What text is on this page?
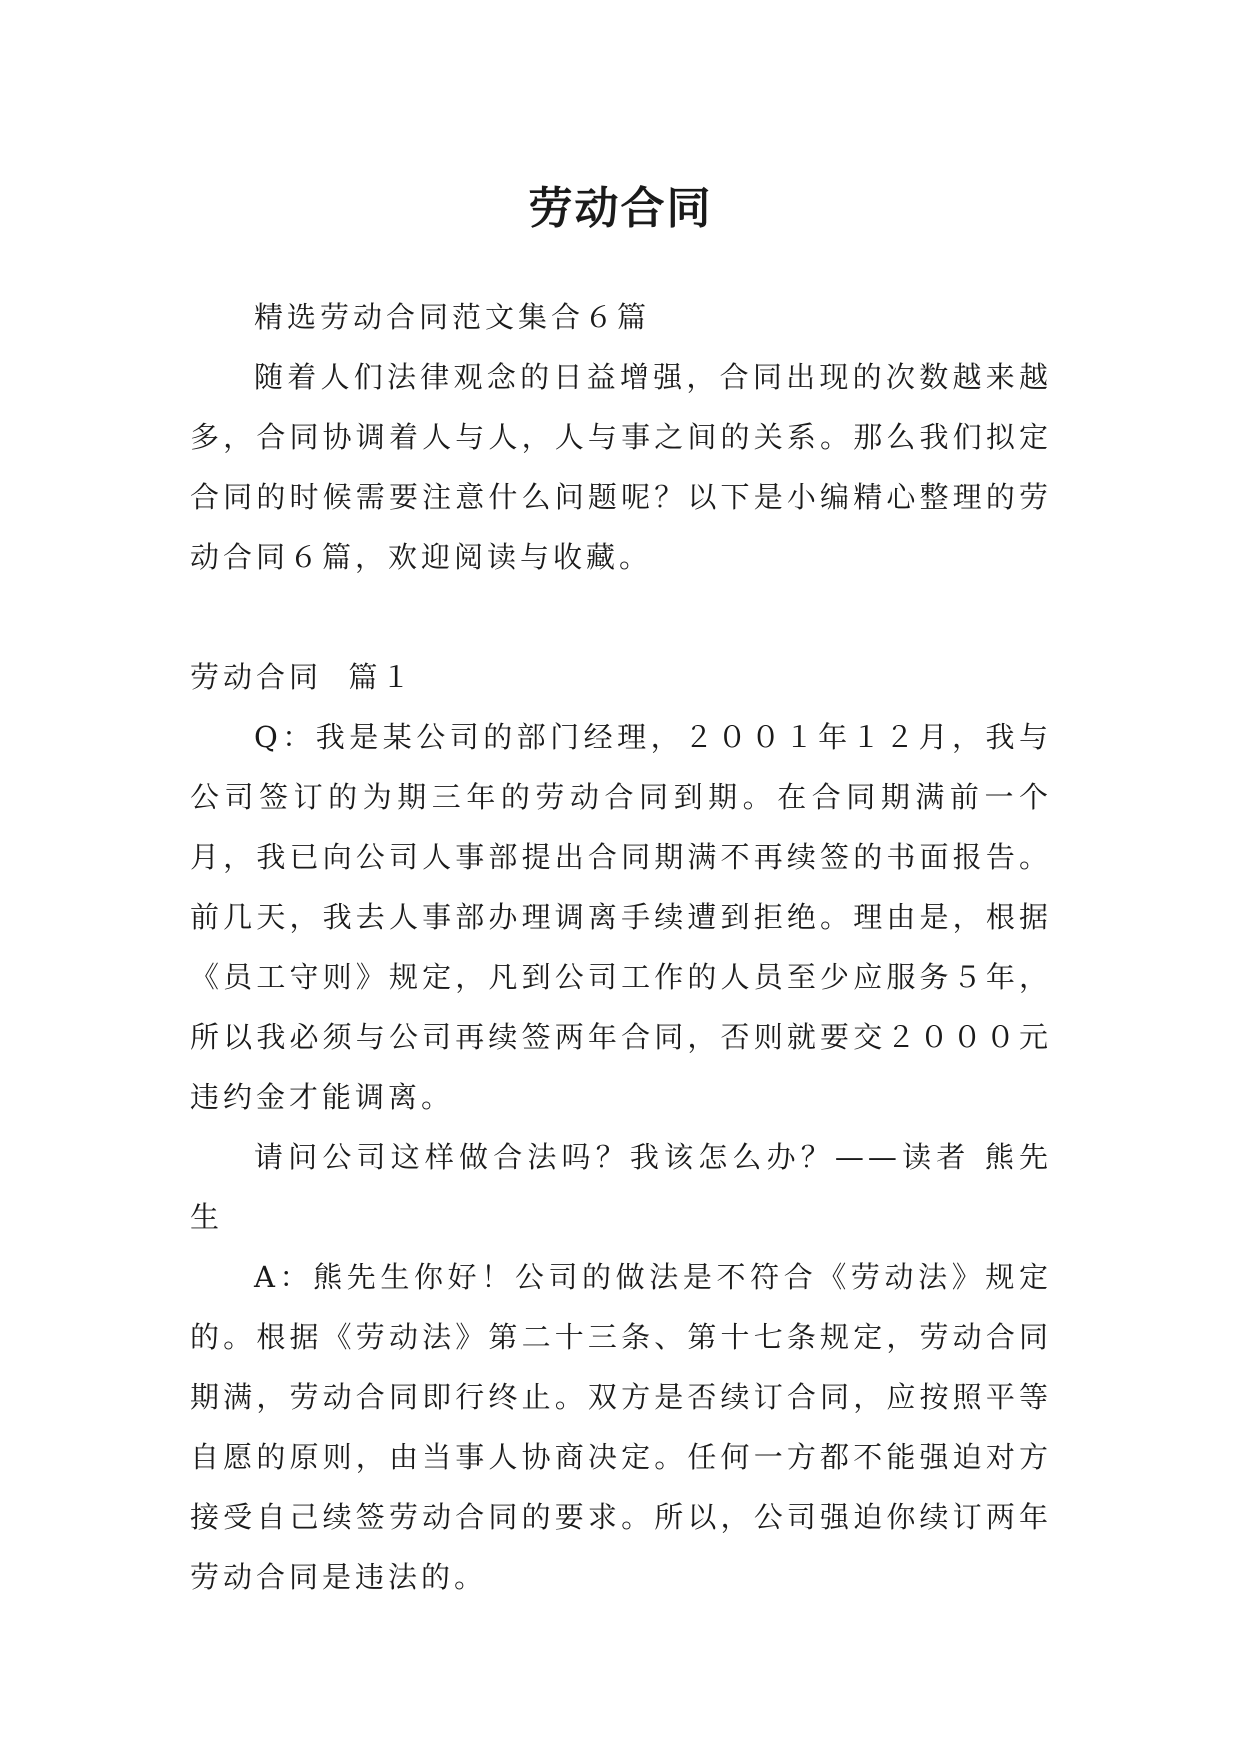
劳动合同

精选劳动合同范文集合６篇

随着人们法律观念的日益增强，合同出现的次数越来越多，合同协调着人与人，人与事之间的关系。那么我们拟定合同的时候需要注意什么问题呢？以下是小编精心整理的劳动合同６篇，欢迎阅读与收藏。

劳动合同  篇１

Q：我是某公司的部门经理，２００１年１２月，我与公司签订的为期三年的劳动合同到期。在合同期满前一个月，我已向公司人事部提出合同期满不再续签的书面报告。前几天，我去人事部办理调离手续遭到拒绝。理由是，根据《员工守则》规定，凡到公司工作的人员至少应服务５年，所以我必须与公司再续签两年合同，否则就要交２０００元违约金才能调离。

请问公司这样做合法吗？我该怎么办？——读者 熊先生

A：熊先生你好！公司的做法是不符合《劳动法》规定的。根据《劳动法》第二十三条、第十七条规定，劳动合同期满，劳动合同即行终止。双方是否续订合同，应按照平等自愿的原则，由当事人协商决定。任何一方都不能强迫对方接受自己续签劳动合同的要求。所以，公司强迫你续订两年劳动合同是违法的。
